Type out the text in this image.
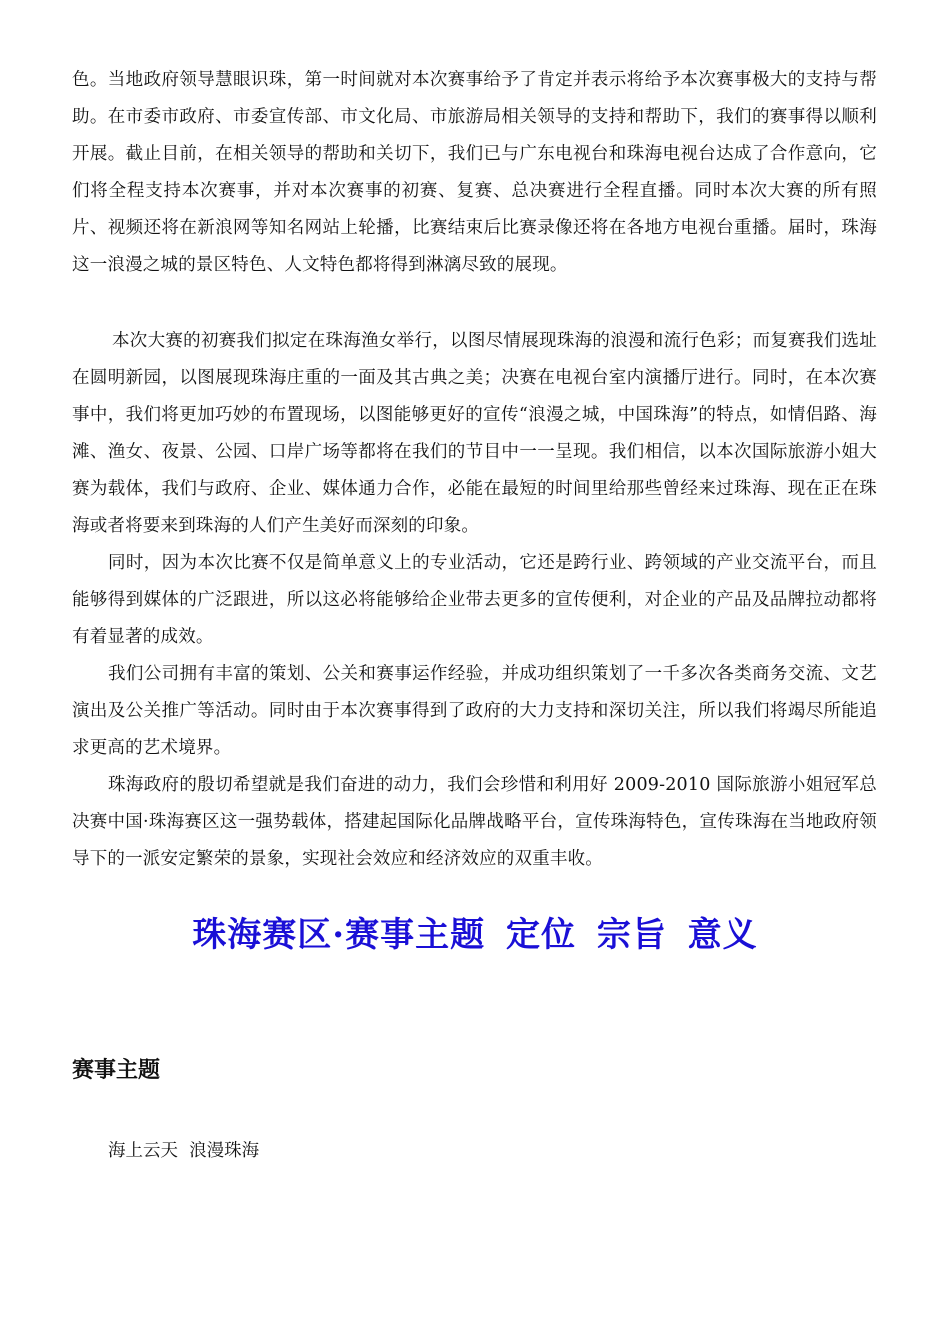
色。当地政府领导慧眼识珠，第一时间就对本次赛事给予了肯定并表示将给予本次赛事极大的支持与帮助。在市委市政府、市委宣传部、市文化局、市旅游局相关领导的支持和帮助下，我们的赛事得以顺利开展。截止目前，在相关领导的帮助和关切下，我们已与广东电视台和珠海电视台达成了合作意向，它们将全程支持本次赛事，并对本次赛事的初赛、复赛、总决赛进行全程直播。同时本次大赛的所有照片、视频还将在新浪网等知名网站上轮播，比赛结束后比赛录像还将在各地方电视台重播。届时，珠海这一浪漫之城的景区特色、人文特色都将得到淋漓尽致的展现。

本次大赛的初赛我们拟定在珠海渔女举行，以图尽情展现珠海的浪漫和流行色彩；而复赛我们选址在圆明新园，以图展现珠海庄重的一面及其古典之美；决赛在电视台室内演播厅进行。同时，在本次赛事中，我们将更加巧妙的布置现场，以图能够更好的宣传“浪漫之城，中国珠海”的特点，如情侣路、海滩、渔女、夜景、公园、口岸广场等都将在我们的节目中一一呈现。我们相信，以本次国际旅游小姐大赛为载体，我们与政府、企业、媒体通力合作，必能在最短的时间里给那些曾经来过珠海、现在正在珠海或者将要来到珠海的人们产生美好而深刻的印象。

同时，因为本次比赛不仅是简单意义上的专业活动，它还是跨行业、跨领域的产业交流平台，而且能够得到媒体的广泛跟进，所以这必将能够给企业带去更多的宣传便利，对企业的产品及品牌拉动都将有着显著的成效。

我们公司拥有丰富的策划、公关和赛事运作经验，并成功组织策划了一千多次各类商务交流、文艺演出及公关推广等活动。同时由于本次赛事得到了政府的大力支持和深切关注，所以我们将竭尽所能追求更高的艺术境界。

珠海政府的殷切希望就是我们奋进的动力，我们会珍惜和利用好 2009-2010 国际旅游小姐冠军总决赛中国·珠海赛区这一强势载体，搭建起国际化品牌战略平台，宣传珠海特色，宣传珠海在当地政府领导下的一派安定繁荣的景象，实现社会效应和经济效应的双重丰收。

珠海赛区·赛事主题 定位 宗旨 意义
赛事主题

海上云天  浪漫珠海
